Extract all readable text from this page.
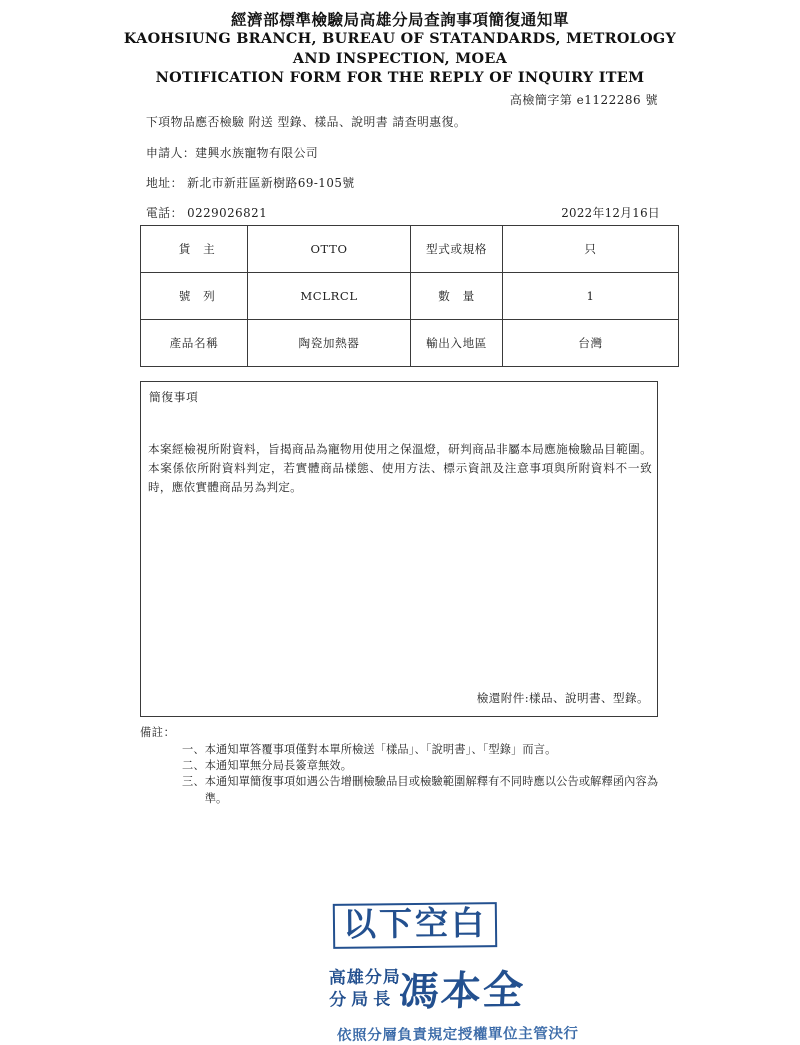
經濟部標準檢驗局高雄分局查詢事項簡復通知單
KAOHSIUNG BRANCH, BUREAU OF STATANDARDS, METROLOGY
AND INSPECTION, MOEA
NOTIFICATION FORM FOR THE REPLY OF INQUIRY ITEM
高檢簡字第 e1122286 號
下項物品應否檢驗 附送 型錄、樣品、說明書 請查明惠復。
申請人：建興水族寵物有限公司
地址： 新北市新莊區新樹路69-105號
電話： 0229026821	2022年12月16日
貨　主	OTTO	型式或規格	只
號　列	MCLRCL	數　量	1
產品名稱	陶瓷加熱器	輸出入地區	台灣
簡復事項
本案經檢視所附資料，旨揭商品為寵物用使用之保溫燈，研判商品非屬本局應施檢驗品目範圍。本案係依所附資料判定，若實體商品樣態、使用方法、標示資訊及注意事項與所附資料不一致時，應依實體商品另為判定。
以下空白
高雄分局
分局長 馮本全
依照分層負責規定授權單位主管決行
檢還附件:樣品、說明書、型錄。
備註：
一、 本通知單答覆事項僅對本單所檢送「樣品」、「說明書」、「型錄」而言。
二、 本通知單無分局長簽章無效。
三、 本通知單簡復事項如遇公告增刪檢驗品目或檢驗範圍解釋有不同時應以公告或解釋函內容為準。
